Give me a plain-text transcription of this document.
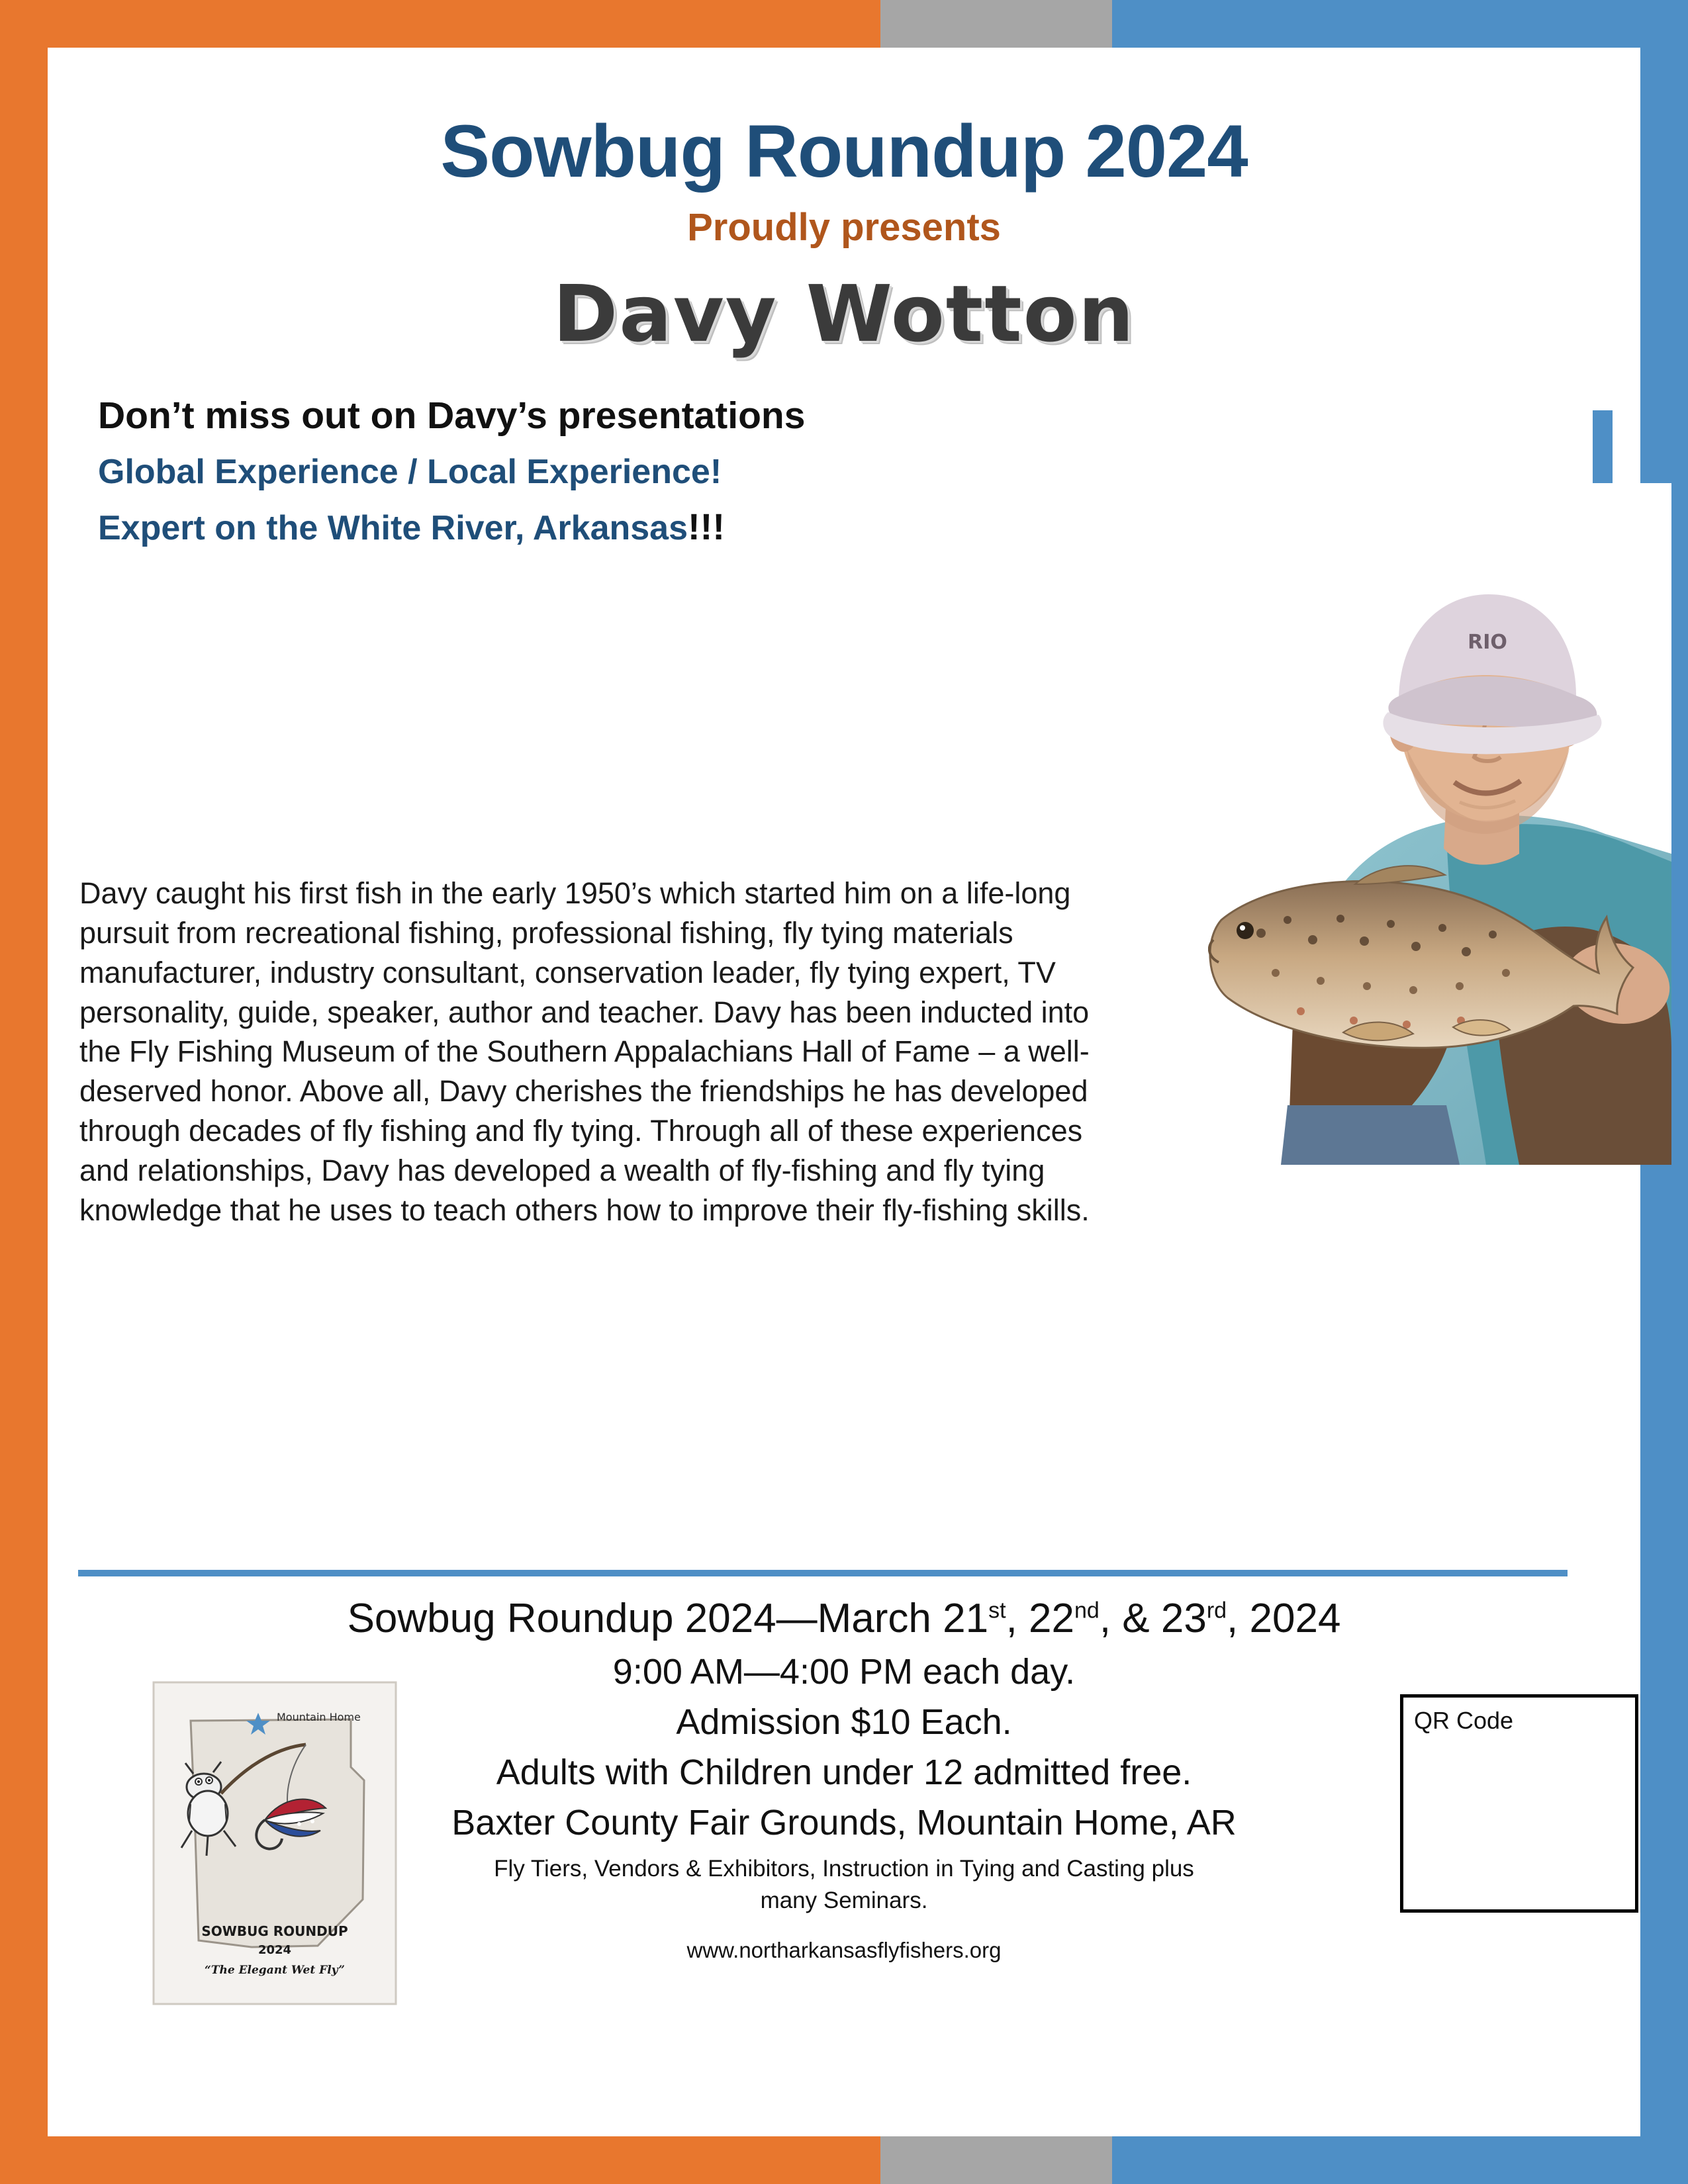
Sowbug Roundup 2024
Proudly presents
Davy Wotton
Don’t miss out on Davy’s presentations
Global Experience / Local Experience!
Expert on the White River, Arkansas!!!
RIO

Davy caught his first fish in the early 1950’s which started him on a life-long pursuit from recreational fishing, professional fishing, fly tying materials manufacturer, industry consultant, conservation leader, fly tying expert, TV personality, guide, speaker, author and teacher. Davy has been inducted into the Fly Fishing Museum of the Southern Appalachians Hall of Fame – a well-deserved honor. Above all, Davy cherishes the friendships he has developed through decades of fly fishing and fly tying. Through all of these experiences and relationships, Davy has developed a wealth of fly-fishing and fly tying knowledge that he uses to teach others how to improve their fly-fishing skills.

Sowbug Roundup 2024—March 21st, 22nd, & 23rd, 2024
9:00 AM—4:00 PM each day.
Admission $10 Each.
Adults with Children under 12 admitted free.
Baxter County Fair Grounds, Mountain Home, AR
Fly Tiers, Vendors & Exhibitors, Instruction in Tying and Casting plus
many Seminars.
www.northarkansasflyfishers.org
Mountain Home
SOWBUG ROUNDUP
2024
“The Elegant Wet Fly”
QR Code
